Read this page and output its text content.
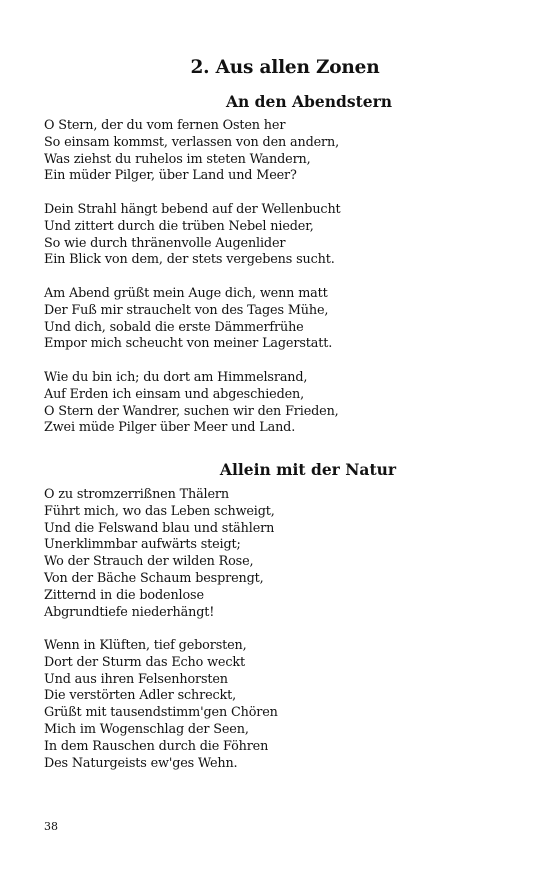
2. Aus allen Zonen
An den Abendstern
O Stern, der du vom fernen Osten her
So einsam kommst, verlassen von den andern,
Was ziehst du ruhelos im steten Wandern,
Ein müder Pilger, über Land und Meer?
Dein Strahl hängt bebend auf der Wellenbucht
Und zittert durch die trüben Nebel nieder,
So wie durch thränenvolle Augenlider
Ein Blick von dem, der stets vergebens sucht.
Am Abend grüßt mein Auge dich, wenn matt
Der Fuß mir strauchelt von des Tages Mühe,
Und dich, sobald die erste Dämmerfrühe
Empor mich scheucht von meiner Lagerstatt.
Wie du bin ich; du dort am Himmelsrand,
Auf Erden ich einsam und abgeschieden,
O Stern der Wandrer, suchen wir den Frieden,
Zwei müde Pilger über Meer und Land.
Allein mit der Natur
O zu stromzerrißnen Thälern
Führt mich, wo das Leben schweigt,
Und die Felswand blau und stählern
Unerklimmbar aufwärts steigt;
Wo der Strauch der wilden Rose,
Von der Bäche Schaum besprengt,
Zitternd in die bodenlose
Abgrundtiefe niederhängt!
Wenn in Klüften, tief geborsten,
Dort der Sturm das Echo weckt
Und aus ihren Felsenhorsten
Die verstörten Adler schreckt,
Grüßt mit tausendstimm'gen Chören
Mich im Wogenschlag der Seen,
In dem Rauschen durch die Föhren
Des Naturgeists ew'ges Wehn.
38
